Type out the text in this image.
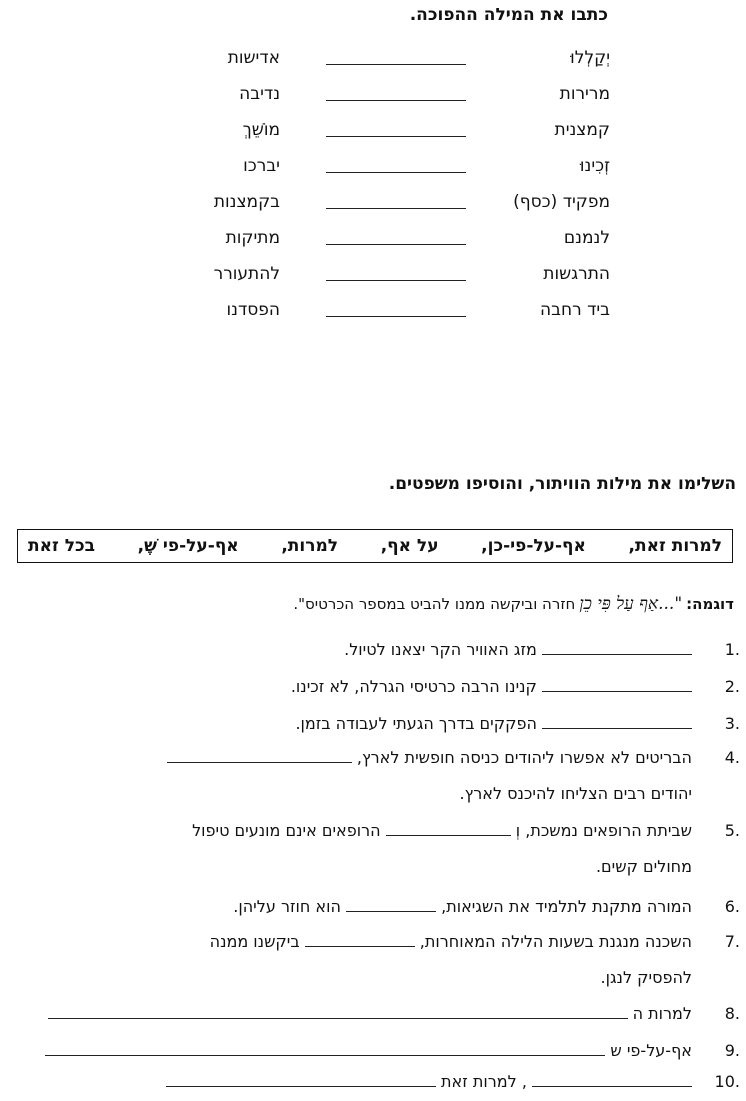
כתבו את המילה ההפוכה.
יְקַלְלוּ
אדישות
מרירות
נדיבה
קמצנית
מוֹשֵׁךְ
זְכִינוּ
יברכו
מפקיד (כסף)
בקמצנות
לנמנם
מתיקות
התרגשות
להתעורר
ביד רחבה
הפסדנו
השלימו את מילות הוויתור, והוסיפו משפטים.
למרות זאת,
אף-על-פי-כן,
על אף,
למרות,
אף-על-פי שֶׁ,
בכל זאת
דוגמה:
"...אַף עַל פִּי כֵן
חזרה וביקשה ממנו להביט במספר הכרטיס".
1.
מזג האוויר הקר יצאנו לטיול.
2.
קנינו הרבה כרטיסי הגרלה, לא זכינו.
3.
הפקקים בדרך הגעתי לעבודה בזמן.
4.
הבריטים לא אפשרו ליהודים כניסה חופשית לארץ,
יהודים רבים הצליחו להיכנס לארץ.
5.
שביתת הרופאים נמשכת, וְ  הרופאים אינם מונעים טיפול
מחולים קשים.
6.
המורה מתקנת לתלמיד את השגיאות,  הוא חוזר עליהן.
7.
השכנה מנגנת בשעות הלילה המאוחרות,  ביקשנו ממנה
להפסיק לנגן.
8.
למרות ה
9.
אף-על-פי ש
10.
, למרות זאת
